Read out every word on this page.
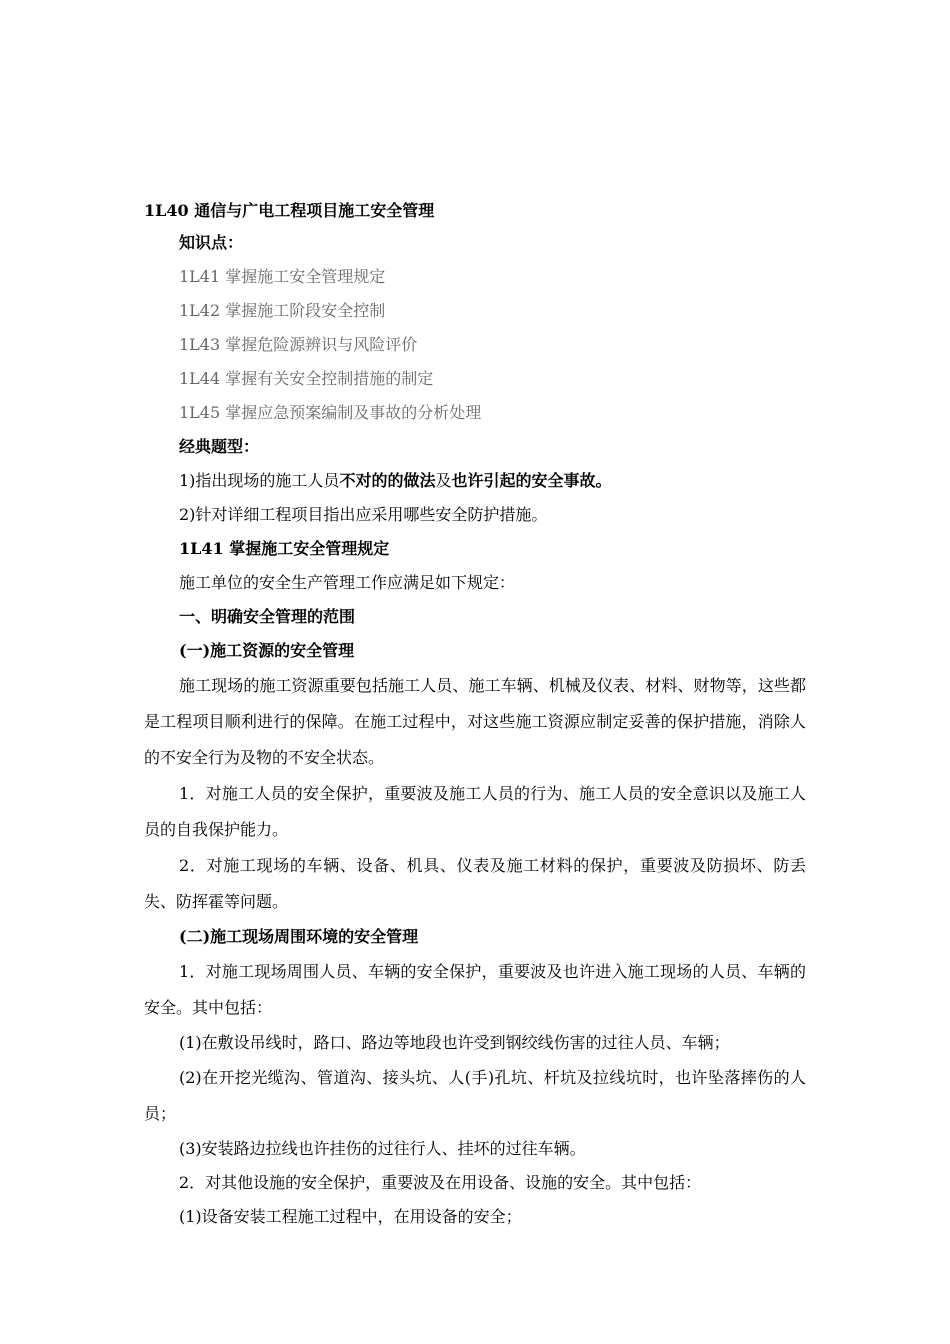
1L40 通信与广电工程项目施工安全管理

知识点：

1L41 掌握施工安全管理规定

1L42 掌握施工阶段安全控制

1L43 掌握危险源辨识与风险评价

1L44 掌握有关安全控制措施的制定

1L45 掌握应急预案编制及事故的分析处理

经典题型：

1)指出现场的施工人员不对的的做法及也许引起的安全事故。

2)针对详细工程项目指出应采用哪些安全防护措施。

1L41 掌握施工安全管理规定

施工单位的安全生产管理工作应满足如下规定：

一、明确安全管理的范围

(一)施工资源的安全管理

施工现场的施工资源重要包括施工人员、施工车辆、机械及仪表、材料、财物等，这些都是工程项目顺利进行的保障。在施工过程中，对这些施工资源应制定妥善的保护措施，消除人的不安全行为及物的不安全状态。

1．对施工人员的安全保护，重要波及施工人员的行为、施工人员的安全意识以及施工人员的自我保护能力。

2．对施工现场的车辆、设备、机具、仪表及施工材料的保护，重要波及防损坏、防丢失、防挥霍等问题。

(二)施工现场周围环境的安全管理

1．对施工现场周围人员、车辆的安全保护，重要波及也许进入施工现场的人员、车辆的安全。其中包括：

(1)在敷设吊线时，路口、路边等地段也许受到钢绞线伤害的过往人员、车辆；

(2)在开挖光缆沟、管道沟、接头坑、人(手)孔坑、杆坑及拉线坑时，也许坠落摔伤的人员；

(3)安装路边拉线也许挂伤的过往行人、挂坏的过往车辆。

2．对其他设施的安全保护，重要波及在用设备、设施的安全。其中包括：

(1)设备安装工程施工过程中，在用设备的安全；
